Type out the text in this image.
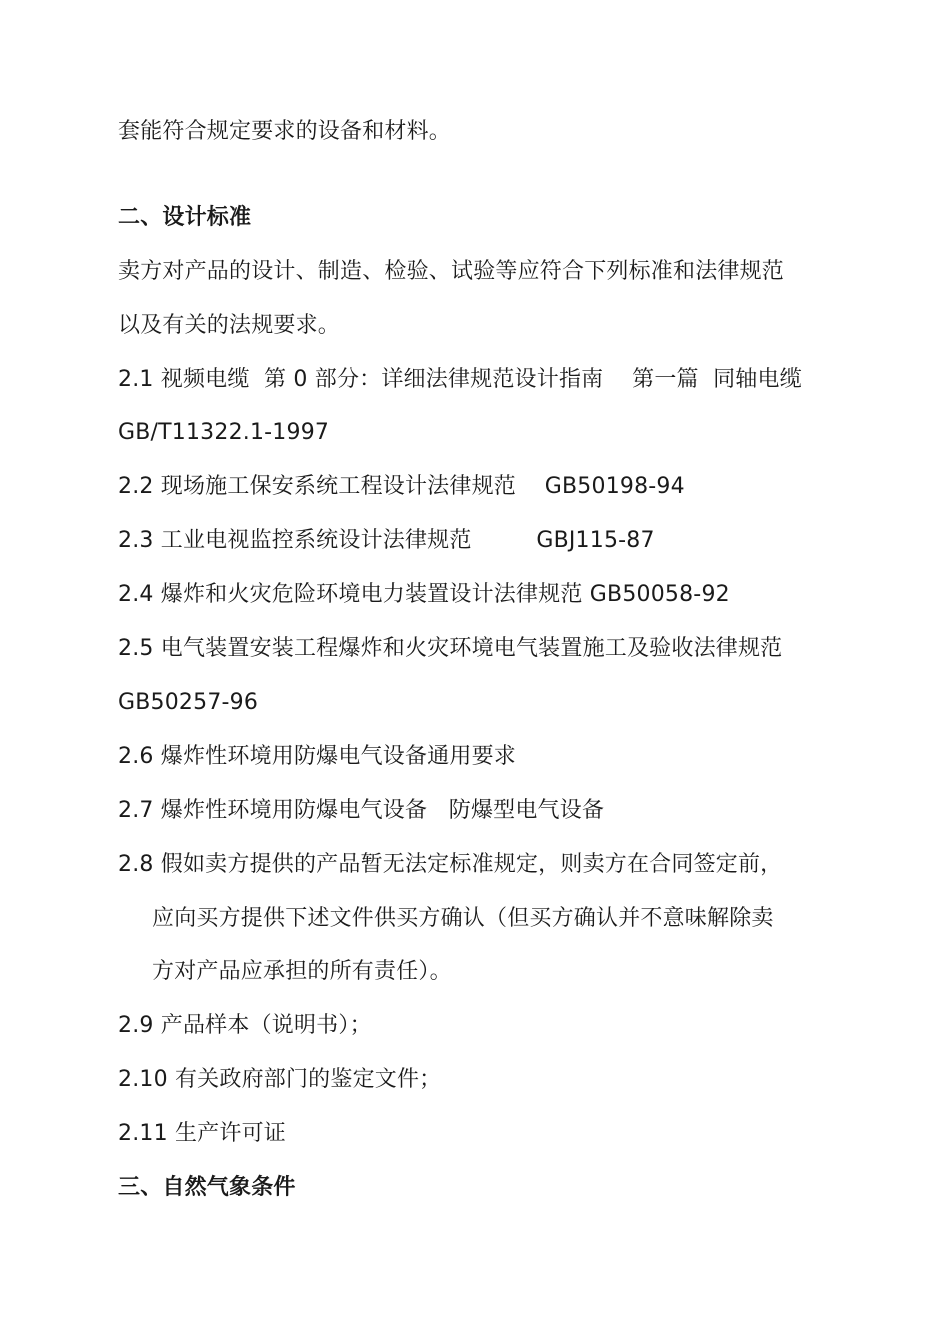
套能符合规定要求的设备和材料。
二、设计标准
卖方对产品的设计、制造、检验、试验等应符合下列标准和法律规范
以及有关的法规要求。
2.1 视频电缆  第 0 部分：详细法律规范设计指南    第一篇  同轴电缆
GB/T11322.1-1997
2.2 现场施工保安系统工程设计法律规范    GB50198-94
2.3 工业电视监控系统设计法律规范         GBJ115-87
2.4 爆炸和火灾危险环境电力装置设计法律规范 GB50058-92
2.5 电气装置安装工程爆炸和火灾环境电气装置施工及验收法律规范
GB50257-96
2.6 爆炸性环境用防爆电气设备通用要求
2.7 爆炸性环境用防爆电气设备   防爆型电气设备
2.8 假如卖方提供的产品暂无法定标准规定，则卖方在合同签定前，
应向买方提供下述文件供买方确认（但买方确认并不意味解除卖
方对产品应承担的所有责任）。
2.9 产品样本（说明书）；
2.10 有关政府部门的鉴定文件；
2.11 生产许可证
三、自然气象条件
